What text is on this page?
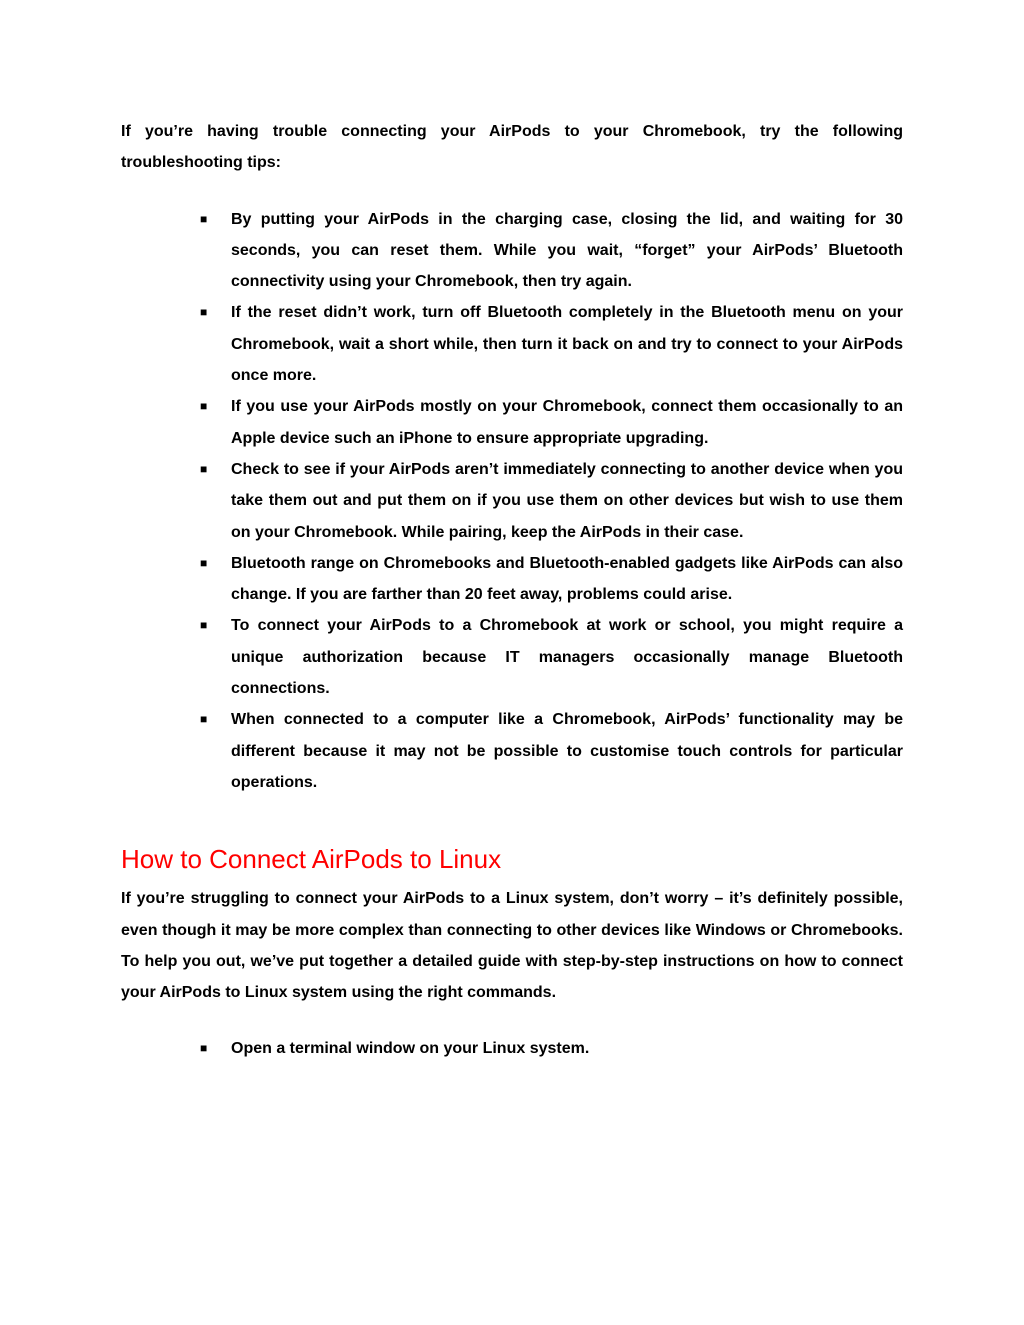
If you’re having trouble connecting your AirPods to your Chromebook, try the following troubleshooting tips:

■ By putting your AirPods in the charging case, closing the lid, and waiting for 30 seconds, you can reset them. While you wait, “forget” your AirPods’ Bluetooth connectivity using your Chromebook, then try again.
■ If the reset didn’t work, turn off Bluetooth completely in the Bluetooth menu on your Chromebook, wait a short while, then turn it back on and try to connect to your AirPods once more.
■ If you use your AirPods mostly on your Chromebook, connect them occasionally to an Apple device such an iPhone to ensure appropriate upgrading.
■ Check to see if your AirPods aren’t immediately connecting to another device when you take them out and put them on if you use them on other devices but wish to use them on your Chromebook. While pairing, keep the AirPods in their case.
■ Bluetooth range on Chromebooks and Bluetooth-enabled gadgets like AirPods can also change. If you are farther than 20 feet away, problems could arise.
■ To connect your AirPods to a Chromebook at work or school, you might require a unique authorization because IT managers occasionally manage Bluetooth connections.
■ When connected to a computer like a Chromebook, AirPods’ functionality may be different because it may not be possible to customise touch controls for particular operations.
How to Connect AirPods to Linux

If you’re struggling to connect your AirPods to a Linux system, don’t worry – it’s definitely possible, even though it may be more complex than connecting to other devices like Windows or Chromebooks. To help you out, we’ve put together a detailed guide with step-by-step instructions on how to connect your AirPods to Linux system using the right commands.

■ Open a terminal window on your Linux system.
